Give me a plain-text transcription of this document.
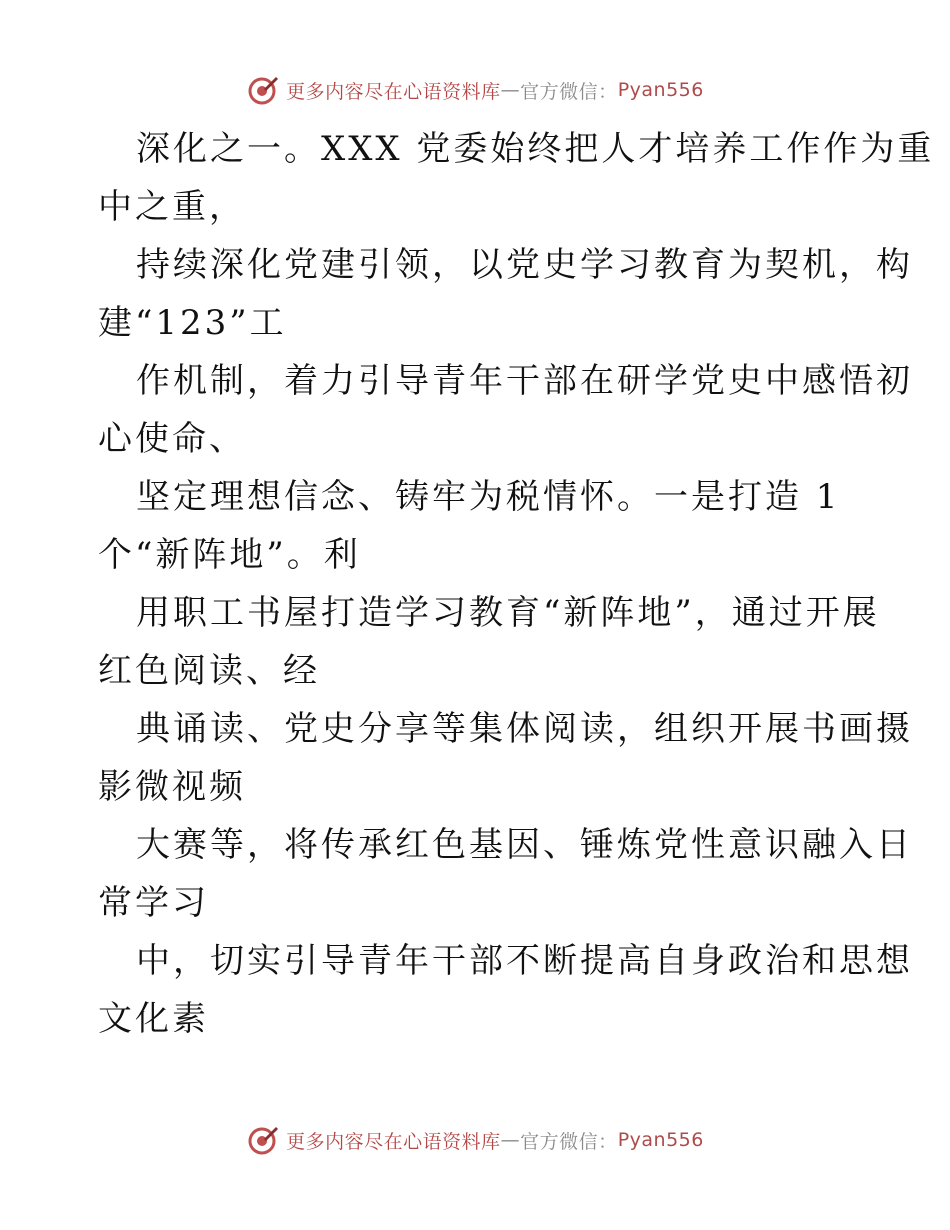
更多内容尽在心语资料库 — 官方微信： Pyan556

深化之一。XXX 党委始终把人才培养工作作为重

中之重，

持续深化党建引领，以党史学习教育为契机，构

建“123”工

作机制，着力引导青年干部在研学党史中感悟初

心使命、

坚定理想信念、铸牢为税情怀。一是打造 1

个“新阵地”。利

用职工书屋打造学习教育“新阵地”，通过开展

红色阅读、经

典诵读、党史分享等集体阅读，组织开展书画摄

影微视频

大赛等，将传承红色基因、锤炼党性意识融入日

常学习

中，切实引导青年干部不断提高自身政治和思想

文化素

更多内容尽在心语资料库 — 官方微信： Pyan556
